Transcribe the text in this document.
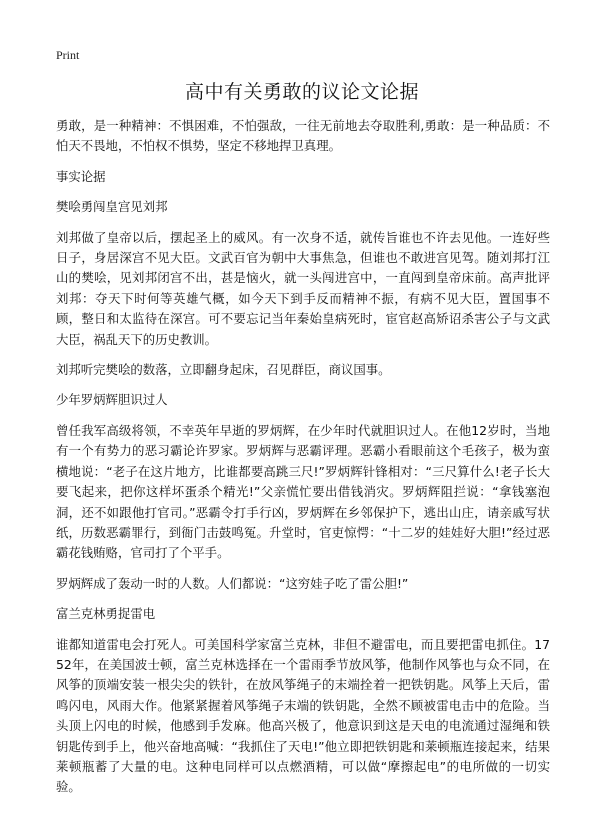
Print
高中有关勇敢的议论文论据

勇敢，是一种精神：不惧困难，不怕强敌，一往无前地去夺取胜利,勇敢：是一种品质：不怕天不畏地，不怕权不惧势，坚定不移地捍卫真理。

事实论据

樊哙勇闯皇宫见刘邦

刘邦做了皇帝以后，摆起圣上的威风。有一次身不适，就传旨谁也不许去见他。一连好些日子，身居深宫不见大臣。文武百官为朝中大事焦急，但谁也不敢进宫见驾。随刘邦打江山的樊哙，见刘邦闭宫不出，甚是恼火，就一头闯进宫中，一直闯到皇帝床前。高声批评刘邦：夺天下时何等英雄气概，如今天下到手反而精神不振，有病不见大臣，置国事不顾，整日和太监待在深宫。可不要忘记当年秦始皇病死时，宦官赵高矫诏杀害公子与文武大臣，祸乱天下的历史教训。

刘邦听完樊哙的数落，立即翻身起床，召见群臣，商议国事。

少年罗炳辉胆识过人

曾任我军高级将领，不幸英年早逝的罗炳辉，在少年时代就胆识过人。在他12岁时，当地有一个有势力的恶习霸论许罗家。罗炳辉与恶霸评理。恶霸小看眼前这个毛孩子，极为蛮横地说：“老子在这片地方，比谁都要高跳三尺!”罗炳辉针锋相对：“三尺算什么!老子长大要飞起来，把你这样坏蛋杀个精光!”父亲慌忙要出借钱消灾。罗炳辉阻拦说：“拿钱塞泡洞，还不如跟他打官司。”恶霸令打手行凶，罗炳辉在乡邻保护下，逃出山庄，请亲戚写状纸，历数恶霸罪行，到衙门击鼓鸣冤。升堂时，官吏惊愕：“十二岁的娃娃好大胆!”经过恶霸花钱贿赂，官司打了个平手。

罗炳辉成了轰动一时的人数。人们都说：“这穷娃子吃了雷公胆!”

富兰克林勇捉雷电

谁都知道雷电会打死人。可美国科学家富兰克林，非但不避雷电，而且要把雷电抓住。1752年，在美国波士顿，富兰克林选择在一个雷雨季节放风筝，他制作风筝也与众不同，在风筝的顶端安装一根尖尖的铁针，在放风筝绳子的末端拴着一把铁钥匙。风筝上天后，雷鸣闪电，风雨大作。他紧紧握着风筝绳子末端的铁钥匙，全然不顾被雷电击中的危险。当头顶上闪电的时候，他感到手发麻。他高兴极了，他意识到这是天电的电流通过湿绳和铁钥匙传到手上，他兴奋地高喊：“我抓住了天电!”他立即把铁钥匙和莱顿瓶连接起来，结果莱顿瓶蓄了大量的电。这种电同样可以点燃酒精，可以做“摩擦起电”的电所做的一切实验。
